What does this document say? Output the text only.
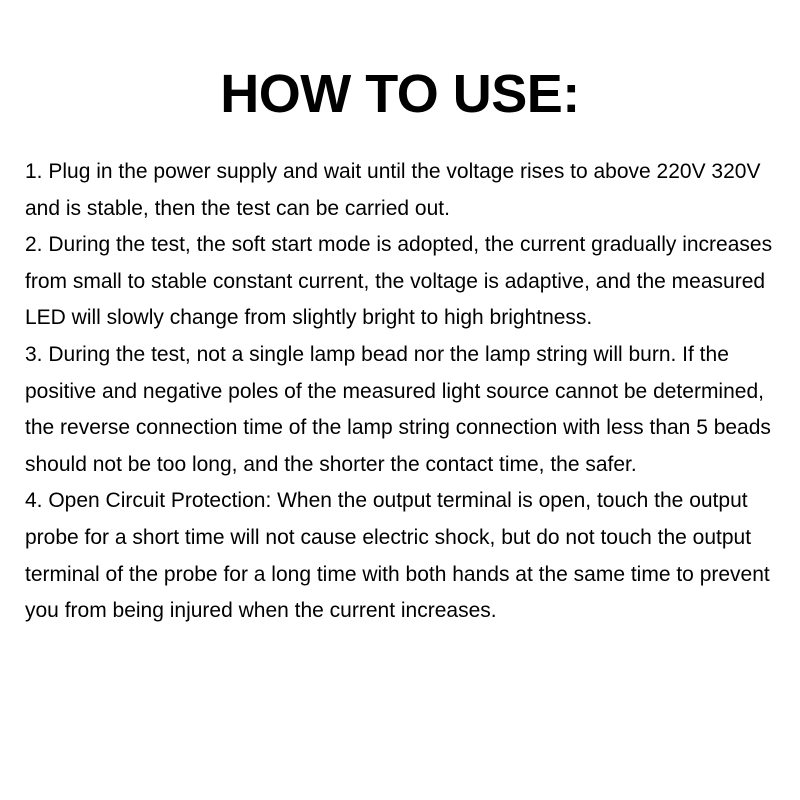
HOW TO USE:
1. Plug in the power supply and wait until the voltage rises to above 220V 320V and is stable, then the test can be carried out.
2. During the test, the soft start mode is adopted, the current gradually increases from small to stable constant current, the voltage is adaptive, and the measured LED will slowly change from slightly bright to high brightness.
3. During the test, not a single lamp bead nor the lamp string will burn. If the positive and negative poles of the measured light source cannot be determined, the reverse connection time of the lamp string connection with less than 5 beads should not be too long, and the shorter the contact time, the safer.
4. Open Circuit Protection: When the output terminal is open, touch the output probe for a short time will not cause electric shock, but do not touch the output terminal of the probe for a long time with both hands at the same time to prevent you from being injured when the current increases.
